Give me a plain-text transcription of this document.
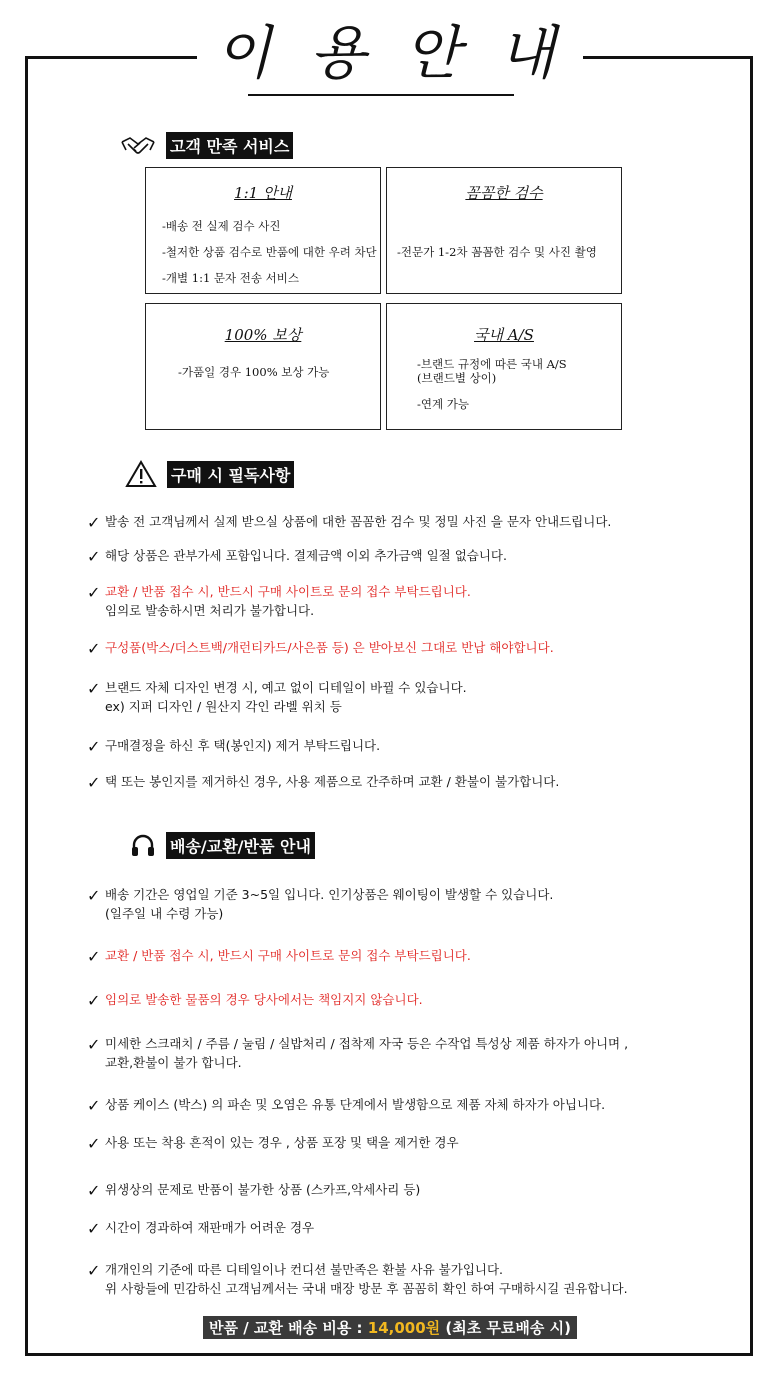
이 용 안 내
고객 만족 서비스
1:1 안내
-배송 전 실제 검수 사진
-철저한 상품 검수로 반품에 대한 우려 차단
-개별 1:1 문자 전송 서비스
꼼꼼한 검수
-전문가 1-2차 꼼꼼한 검수 및 사진 촬영
100% 보상
-가품일 경우 100% 보상 가능
국내 A/S
-브랜드 규정에 따른 국내 A/S
(브랜드별 상이)
-연계 가능
구매 시 필독사항
✓ 발송 전 고객님께서 실제 받으실 상품에 대한 꼼꼼한 검수 및 정밀 사진 을 문자 안내드립니다.
✓ 해당 상품은 관부가세 포함입니다. 결제금액 이외 추가금액 일절 없습니다.
✓ 교환 / 반품 접수 시, 반드시 구매 사이트로 문의 접수 부탁드립니다.
임의로 발송하시면 처리가 불가합니다.
✓ 구성품(박스/더스트백/개런티카드/사은품 등) 은 받아보신 그대로 반납 해야합니다.
✓ 브랜드 자체 디자인 변경 시, 예고 없이 디테일이 바뀔 수 있습니다.
ex) 지퍼 디자인 / 원산지 각인 라벨 위치 등
✓ 구매결정을 하신 후 택(봉인지) 제거 부탁드립니다.
✓ 택 또는 봉인지를 제거하신 경우, 사용 제품으로 간주하며 교환 / 환불이 불가합니다.
배송/교환/반품 안내
✓ 배송 기간은 영업일 기준 3~5일 입니다. 인기상품은 웨이팅이 발생할 수 있습니다.
(일주일 내 수령 가능)
✓ 교환 / 반품 접수 시, 반드시 구매 사이트로 문의 접수 부탁드립니다.
✓ 임의로 발송한 물품의 경우 당사에서는 책임지지 않습니다.
✓ 미세한 스크래치 / 주름 / 눌림 / 실밥처리 / 접착제 자국 등은 수작업 특성상 제품 하자가 아니며 ,
교환,환불이 불가 합니다.
✓ 상품 케이스 (박스) 의 파손 및 오염은 유통 단계에서 발생함으로 제품 자체 하자가 아닙니다.
✓ 사용 또는 착용 흔적이 있는 경우 , 상품 포장 및 택을 제거한 경우
✓ 위생상의 문제로 반품이 불가한 상품 (스카프,악세사리 등)
✓ 시간이 경과하여 재판매가 어려운 경우
✓ 개개인의 기준에 따른 디테일이나 컨디션 불만족은 환불 사유 불가입니다.
위 사항들에 민감하신 고객님께서는 국내 매장 방문 후 꼼꼼히 확인 하여 구매하시길 권유합니다.
반품 / 교환 배송 비용 : 14,000원 (최초 무료배송 시)
